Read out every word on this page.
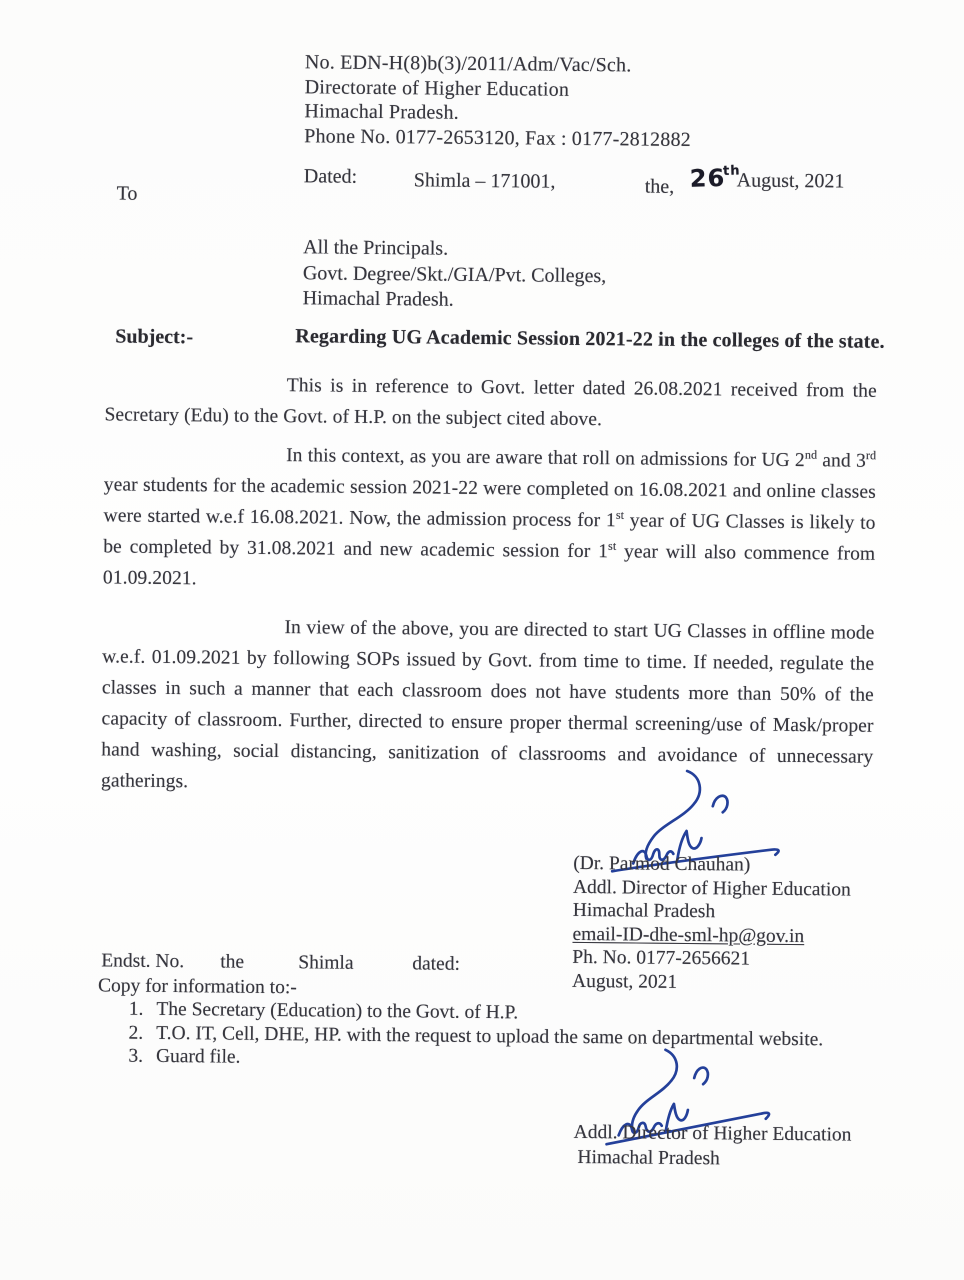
No. EDN-H(8)b(3)/2011/Adm/Vac/Sch.
Directorate of Higher Education
Himachal Pradesh.
Phone No. 0177-2653120, Fax : 0177-2812882
Dated:	Shimla – 171001,	the, 26thAugust, 2021
To
All the Principals.
Govt. Degree/Skt./GIA/Pvt. Colleges,
Himachal Pradesh.
Subject:-	Regarding UG Academic Session 2021-22 in the colleges of the state.
This is in reference to Govt. letter dated 26.08.2021 received from the Secretary (Edu) to the Govt. of H.P. on the subject cited above.
In this context, as you are aware that roll on admissions for UG 2nd and 3rd year students for the academic session 2021-22 were completed on 16.08.2021 and online classes were started w.e.f 16.08.2021. Now, the admission process for 1st year of UG Classes is likely to be completed by 31.08.2021 and new academic session for 1st year will also commence from 01.09.2021.
In view of the above, you are directed to start UG Classes in offline mode w.e.f. 01.09.2021 by following SOPs issued by Govt. from time to time. If needed, regulate the classes in such a manner that each classroom does not have students more than 50% of the capacity of classroom. Further, directed to ensure proper thermal screening/use of Mask/proper hand washing, social distancing, sanitization of classrooms and avoidance of unnecessary gatherings.
(Dr. Parmod Chauhan)
Addl. Director of Higher Education
Himachal Pradesh
email-ID-dhe-sml-hp@gov.in
Ph. No. 0177-2656621
August, 2021
Endst. No. the	Shimla	dated:
Copy for information to:-
1. The Secretary (Education) to the Govt. of H.P.
2. T.O. IT, Cell, DHE, HP. with the request to upload the same on departmental website.
3. Guard file.
Addl. Director of Higher Education
Himachal Pradesh
